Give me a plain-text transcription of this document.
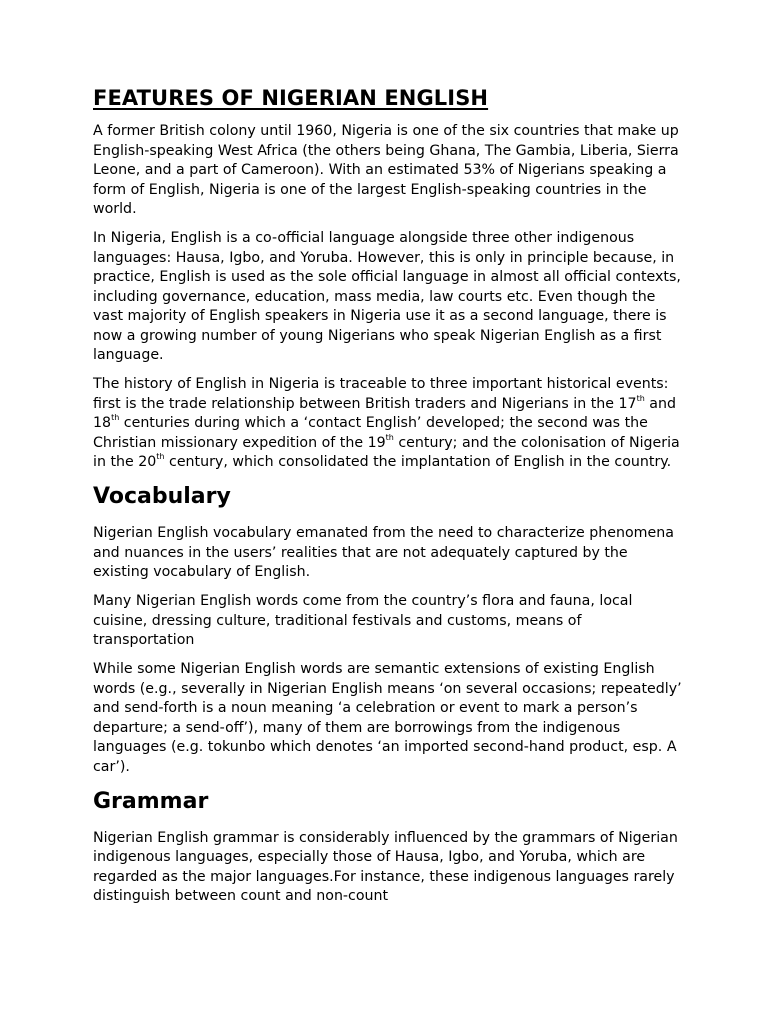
FEATURES OF NIGERIAN ENGLISH

A former British colony until 1960, Nigeria is one of the six countries that make up English-speaking West Africa (the others being Ghana, The Gambia, Liberia, Sierra Leone, and a part of Cameroon). With an estimated 53% of Nigerians speaking a form of English, Nigeria is one of the largest English-speaking countries in the world.

In Nigeria, English is a co-official language alongside three other indigenous languages: Hausa, Igbo, and Yoruba. However, this is only in principle because, in practice, English is used as the sole official language in almost all official contexts, including governance, education, mass media, law courts etc. Even though the vast majority of English speakers in Nigeria use it as a second language, there is now a growing number of young Nigerians who speak Nigerian English as a first language.

The history of English in Nigeria is traceable to three important historical events: first is the trade relationship between British traders and Nigerians in the 17th and 18th centuries during which a ‘contact English’ developed; the second was the Christian missionary expedition of the 19th century; and the colonisation of Nigeria in the 20th century, which consolidated the implantation of English in the country.

Vocabulary

Nigerian English vocabulary emanated from the need to characterize phenomena and nuances in the users’ realities that are not adequately captured by the existing vocabulary of English.

Many Nigerian English words come from the country’s flora and fauna, local cuisine, dressing culture, traditional festivals and customs, means of transportation

While some Nigerian English words are semantic extensions of existing English words (e.g., severally in Nigerian English means ‘on several occasions; repeatedly’ and send-forth is a noun meaning ‘a celebration or event to mark a person’s departure; a send-off’), many of them are borrowings from the indigenous languages (e.g. tokunbo which denotes ‘an imported second-hand product, esp. A car’).

Grammar

Nigerian English grammar is considerably influenced by the grammars of Nigerian indigenous languages, especially those of Hausa, Igbo, and Yoruba, which are regarded as the major languages.For instance, these indigenous languages rarely distinguish between count and non-count
